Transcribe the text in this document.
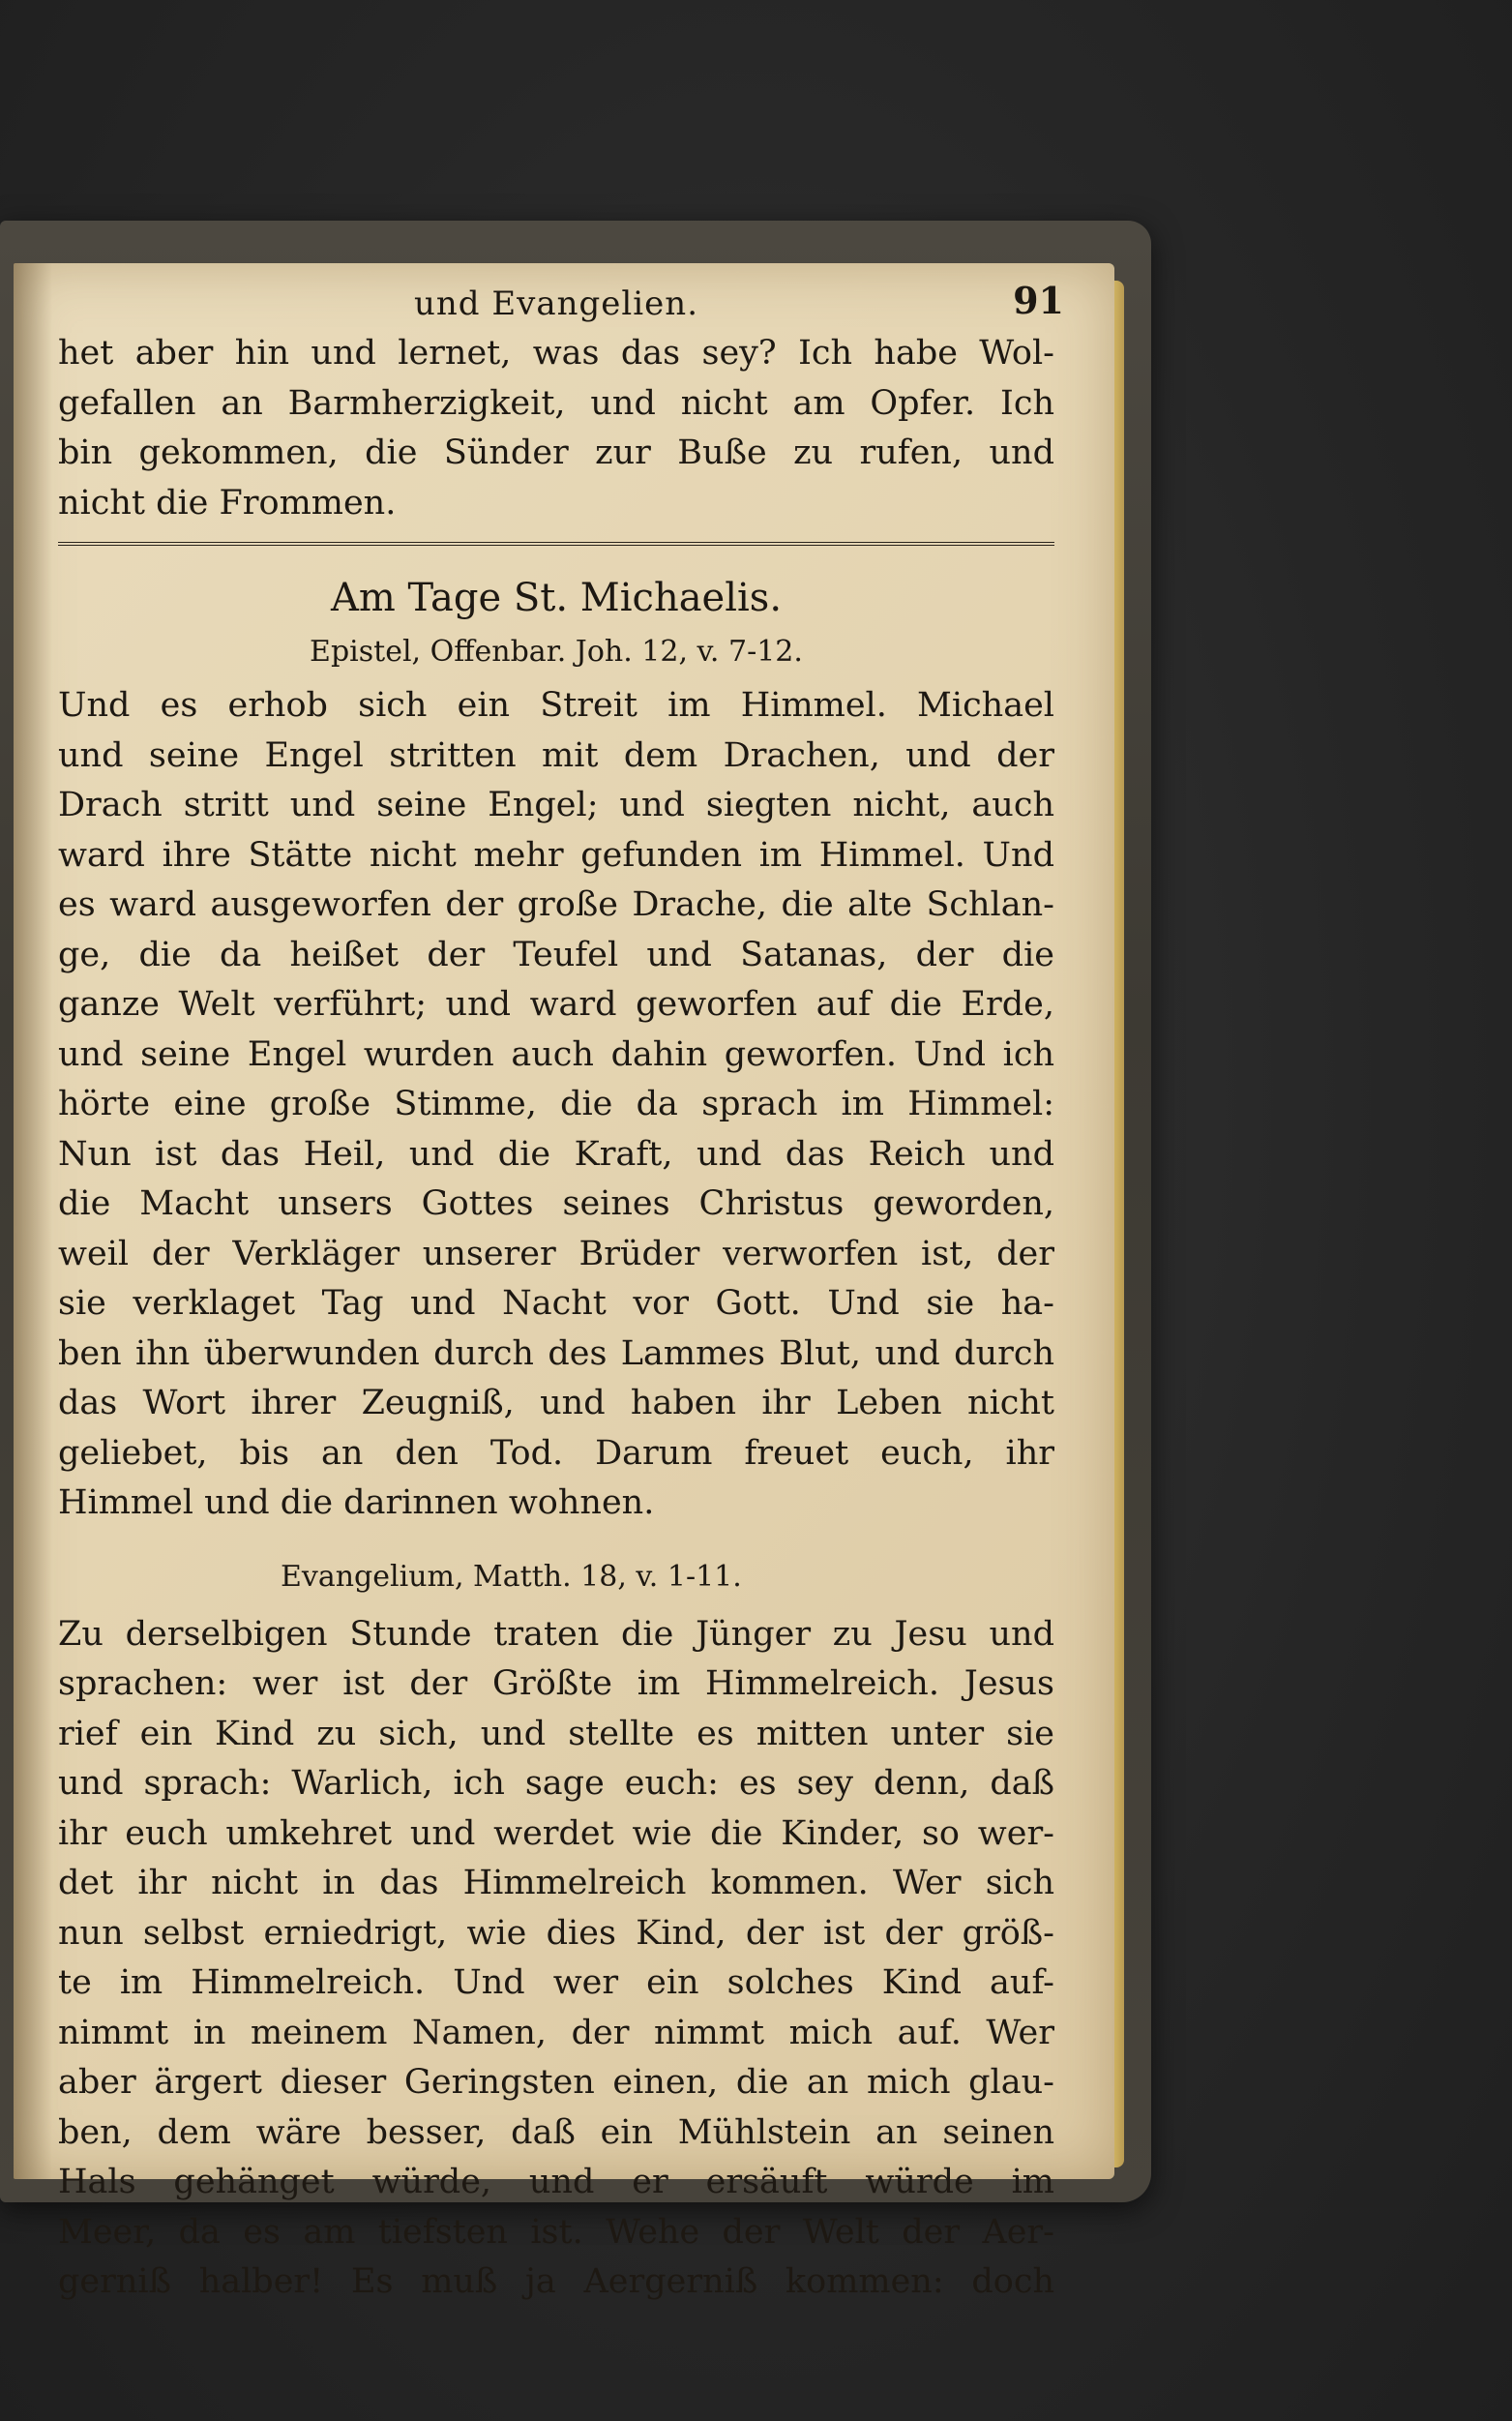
und Evangelien.	91
het aber hin und lernet, was das sey? Ich habe Wol-
gefallen an Barmherzigkeit, und nicht am Opfer. Ich
bin gekommen, die Sünder zur Buße zu rufen, und
nicht die Frommen.
Am Tage St. Michaelis.
Epistel, Offenbar. Joh. 12, v. 7-12.
Und es erhob sich ein Streit im Himmel. Michael
und seine Engel stritten mit dem Drachen, und der
Drach stritt und seine Engel; und siegten nicht, auch
ward ihre Stätte nicht mehr gefunden im Himmel. Und
es ward ausgeworfen der große Drache, die alte Schlan-
ge, die da heißet der Teufel und Satanas, der die
ganze Welt verführt; und ward geworfen auf die Erde,
und seine Engel wurden auch dahin geworfen. Und ich
hörte eine große Stimme, die da sprach im Himmel:
Nun ist das Heil, und die Kraft, und das Reich und
die Macht unsers Gottes seines Christus geworden,
weil der Verkläger unserer Brüder verworfen ist, der
sie verklaget Tag und Nacht vor Gott. Und sie ha-
ben ihn überwunden durch des Lammes Blut, und durch
das Wort ihrer Zeugniß, und haben ihr Leben nicht
geliebet, bis an den Tod. Darum freuet euch, ihr
Himmel und die darinnen wohnen.
Evangelium, Matth. 18, v. 1-11.
Zu derselbigen Stunde traten die Jünger zu Jesu und
sprachen: wer ist der Größte im Himmelreich. Jesus
rief ein Kind zu sich, und stellte es mitten unter sie
und sprach: Warlich, ich sage euch: es sey denn, daß
ihr euch umkehret und werdet wie die Kinder, so wer-
det ihr nicht in das Himmelreich kommen. Wer sich
nun selbst erniedrigt, wie dies Kind, der ist der größ-
te im Himmelreich. Und wer ein solches Kind auf-
nimmt in meinem Namen, der nimmt mich auf. Wer
aber ärgert dieser Geringsten einen, die an mich glau-
ben, dem wäre besser, daß ein Mühlstein an seinen
Hals gehänget würde, und er ersäuft würde im
Meer, da es am tiefsten ist. Wehe der Welt der Aer-
gerniß halber! Es muß ja Aergerniß kommen: doch
